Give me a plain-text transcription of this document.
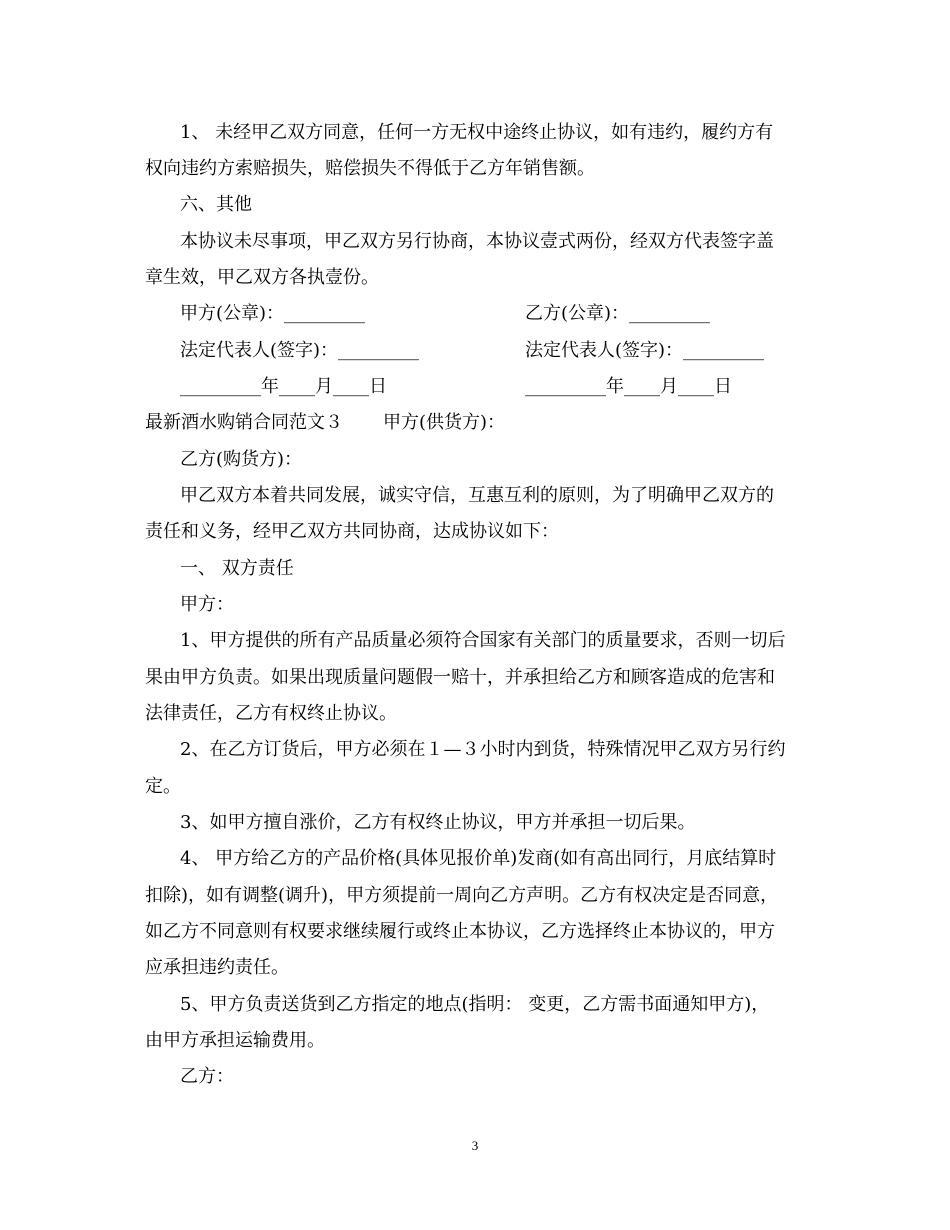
1、 未经甲乙双方同意，任何一方无权中途终止协议，如有违约，履约方有
权向违约方索赔损失，赔偿损失不得低于乙方年销售额。
六、其他
本协议未尽事项，甲乙双方另行协商，本协议壹式两份，经双方代表签字盖
章生效，甲乙双方各执壹份。
甲方(公章)：_________	乙方(公章)：_________
法定代表人(签字)：_________	法定代表人(签字)：_________
_________年____月____日	_________年____月____日
最新酒水购销合同范文３ 甲方(供货方)：
乙方(购货方)：
甲乙双方本着共同发展，诚实守信，互惠互利的原则，为了明确甲乙双方的
责任和义务，经甲乙双方共同协商，达成协议如下：
一、 双方责任
甲方：
1、甲方提供的所有产品质量必须符合国家有关部门的质量要求，否则一切后
果由甲方负责。如果出现质量问题假一赔十，并承担给乙方和顾客造成的危害和
法律责任，乙方有权终止协议。
2、在乙方订货后，甲方必须在１—３小时内到货，特殊情况甲乙双方另行约
定。
3、如甲方擅自涨价，乙方有权终止协议，甲方并承担一切后果。
4、 甲方给乙方的产品价格(具体见报价单)发商(如有高出同行，月底结算时
扣除)，如有调整(调升)，甲方须提前一周向乙方声明。乙方有权决定是否同意，
如乙方不同意则有权要求继续履行或终止本协议，乙方选择终止本协议的，甲方
应承担违约责任。
5、甲方负责送货到乙方指定的地点(指明： 变更，乙方需书面通知甲方)，
由甲方承担运输费用。
乙方：
3
